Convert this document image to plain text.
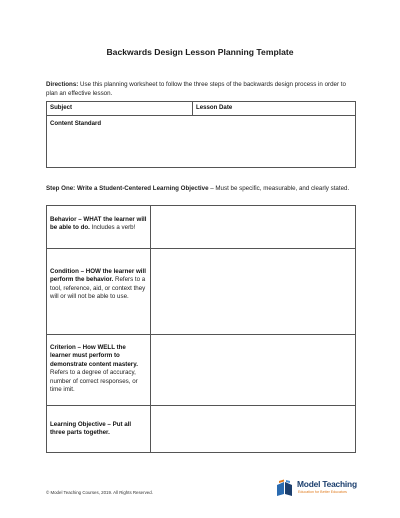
Backwards Design Lesson Planning Template
Directions: Use this planning worksheet to follow the three steps of the backwards design process in order to plan an effective lesson.
Subject	Lesson Date
Content Standard
Step One: Write a Student-Centered Learning Objective – Must be specific, measurable, and clearly stated.
Behavior – WHAT the learner will be able to do. Includes a verb!
Condition – HOW the learner will perform the behavior. Refers to a tool, reference, aid, or context they will or will not be able to use.
Criterion – How WELL the learner must perform to demonstrate content mastery. Refers to a degree of accuracy, number of correct responses, or time imit.
Learning Objective – Put all three parts together.
© Model Teaching Courses, 2019. All Rights Reserved.
Model Teaching
Education for Better Educators
